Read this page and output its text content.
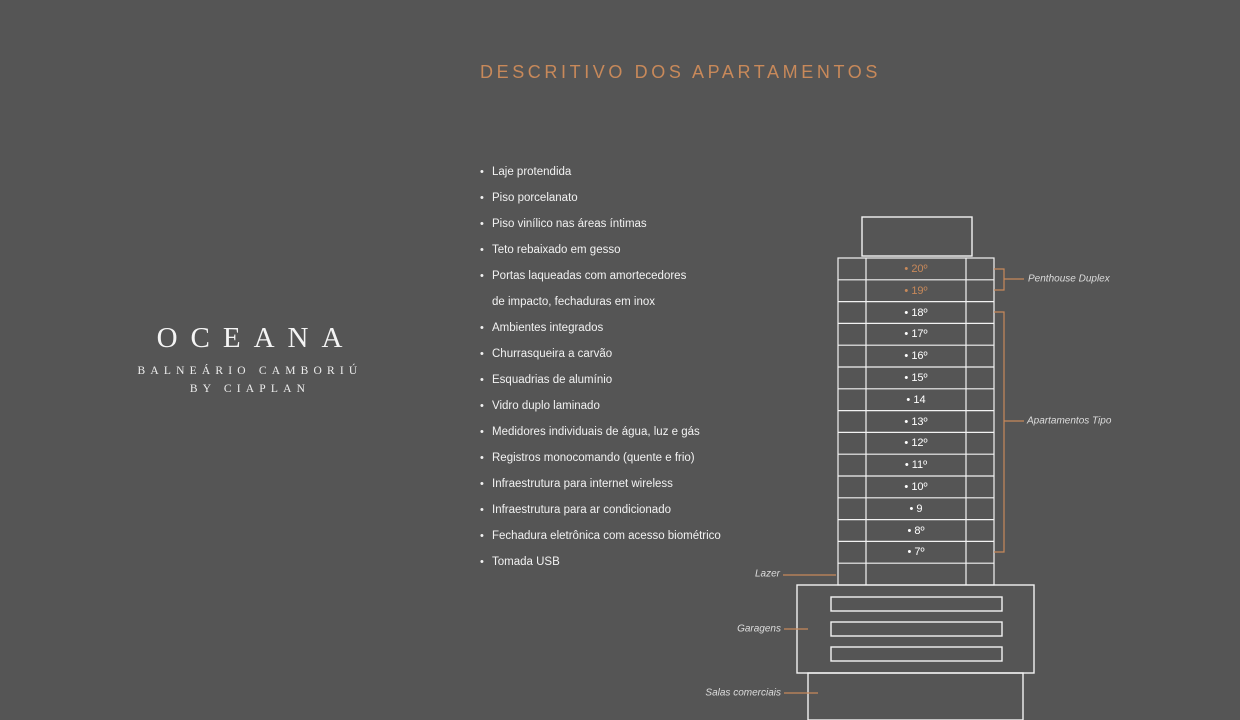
OCEANA
BALNEÁRIO CAMBORIÚ
BY CIAPLAN
DESCRITIVO DOS APARTAMENTOS
• Laje protendida
• Piso porcelanato
• Piso vinílico nas áreas íntimas
• Teto rebaixado em gesso
• Portas laqueadas com amortecedores
de impacto, fechaduras em inox
• Ambientes integrados
• Churrasqueira a carvão
• Esquadrias de alumínio
• Vidro duplo laminado
• Medidores individuais de água, luz e gás
• Registros monocomando (quente e frio)
• Infraestrutura para internet wireless
• Infraestrutura para ar condicionado
• Fechadura eletrônica com acesso biométrico
• Tomada USB
• 20º
• 19º
• 18º
• 17º
• 16º
• 15º
• 14
• 13º
• 12º
• 11º
• 10º
• 9
• 8º
• 7º
Penthouse Duplex
Apartamentos Tipo
Lazer
Garagens
Salas comerciais
